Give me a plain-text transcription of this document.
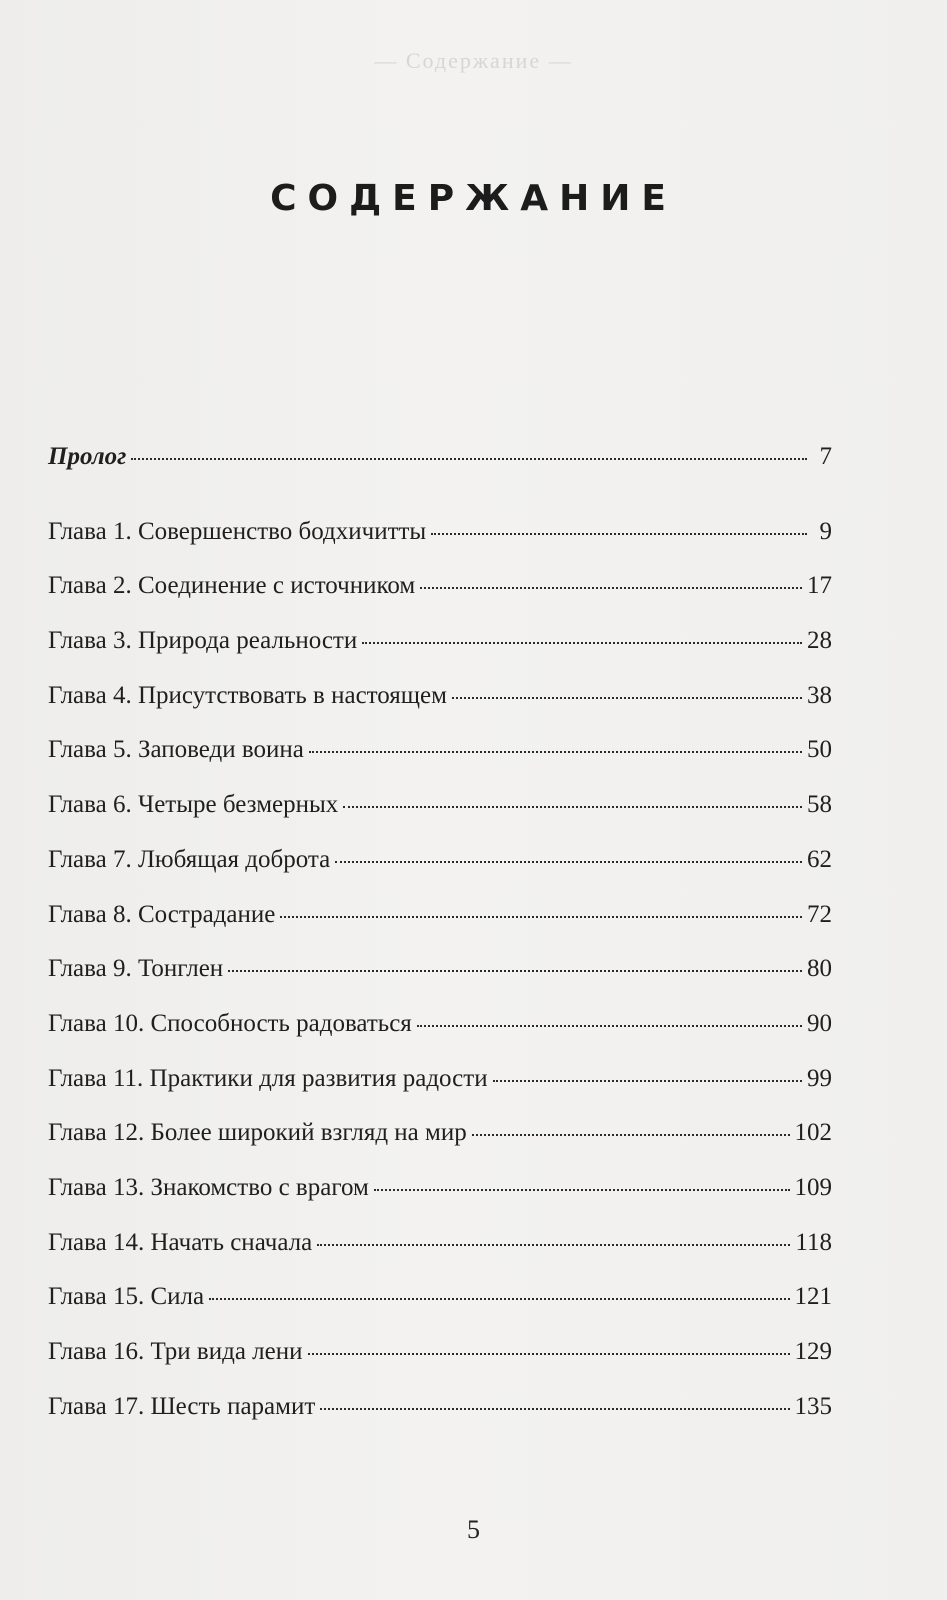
— Содержание —
СОДЕРЖАНИЕ
Пролог	7
Глава 1. Совершенство бодхичитты	9
Глава 2. Соединение с источником	17
Глава 3. Природа реальности	28
Глава 4. Присутствовать в настоящем	38
Глава 5. Заповеди воина	50
Глава 6. Четыре безмерных	58
Глава 7. Любящая доброта	62
Глава 8. Сострадание	72
Глава 9. Тонглен	80
Глава 10. Способность радоваться	90
Глава 11. Практики для развития радости	99
Глава 12. Более широкий взгляд на мир	102
Глава 13. Знакомство с врагом	109
Глава 14. Начать сначала	118
Глава 15. Сила	121
Глава 16. Три вида лени	129
Глава 17. Шесть парамит	135
5
